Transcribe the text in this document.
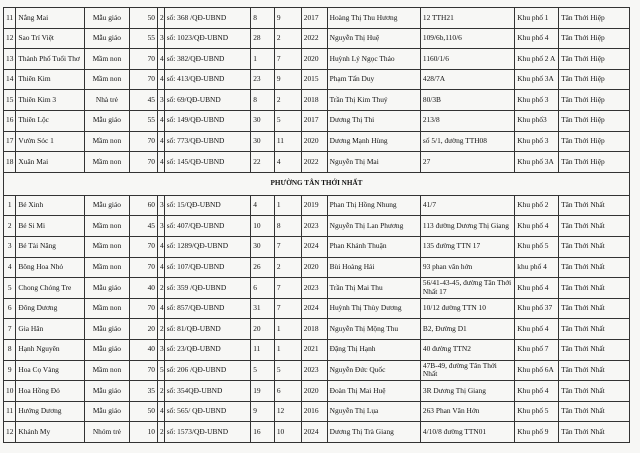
11	Nắng Mai	Mẫu giáo	50	2	số: 368 /QĐ-UBND	8	9	2017	Hoàng Thị Thu Hương	12 TTH21	Khu phố 1	Tân Thới Hiệp
12	Sao Trí Việt	Mẫu giáo	55	3	số: 1023/QĐ-UBND	28	2	2022	Nguyễn Thị Huệ	109/6b,110/6	Khu phố 4	Tân Thới Hiệp
13	Thành Phố Tuổi Thơ	Mầm non	70	4	số: 382/QĐ-UBND	1	7	2020	Huỳnh Lý Ngọc Thảo	1160/1/6	Khu phố 2 A	Tân Thới Hiệp
14	Thiên Kim	Mầm non	70	4	số: 413/QĐ-UBND	23	9	2015	Phạm Tấn Duy	428/7A	Khu phố 3A	Tân Thới Hiệp
15	Thiên Kim 3	Nhà trẻ	45	3	số: 69/QĐ-UBND	8	2	2018	Trần Thị Kim Thuý	80/3B	Khu phố 3	Tân Thới Hiệp
16	Thiên Lộc	Mẫu giáo	55	4	số: 149/QĐ-UBND	30	5	2017	Dương Thị Thi	213/8	Khu phố3	Tân Thới Hiệp
17	Vườn Sóc 1	Mầm non	70	4	số: 773/QĐ-UBND	30	11	2020	Dương Mạnh Hùng	số 5/1, đường TTH08	Khu phố 3	Tân Thới Hiệp
18	Xuân Mai	Mầm non	70	4	số: 145/QĐ-UBND	22	4	2022	Nguyễn Thị Mai	27	Khu phố 3A	Tân Thới Hiệp
PHƯỜNG TÂN THỚI NHẤT												
1	Bé Xinh	Mẫu giáo	60	3	số: 15/QĐ-UBND	4	1	2019	Phan Thị Hồng Nhung	41/7	Khu phố 2	Tân Thới Nhất
2	Bé Si Mi	Mầm non	45	3	số: 407/QĐ-UBND	10	8	2023	Nguyễn Thị Lan Phương	113 đường Dương Thị Giang	Khu phố 4	Tân Thới Nhất
3	Bé Tài Năng	Mầm non	70	4	số: 1289/QĐ-UBND	30	7	2024	Phan Khánh Thuận	135 đường TTN 17	Khu phố 5	Tân Thới Nhất
4	Bông Hoa Nhỏ	Mầm non	70	4	số: 107/QĐ-UBND	26	2	2020	Bùi Hoàng Hải	93 phan văn hớn	khu phố 4	Tân Thới Nhất
5	Chong Chóng Tre	Mẫu giáo	40	2	số: 359 /QĐ-UBND	6	7	2023	Trần Thị Mai Thu	56/41-43-45, đường Tân Thới Nhất 17	Khu phố 4	Tân Thới Nhất
6	Đông Dương	Mầm non	70	4	số: 857/QĐ-UBND	31	7	2024	Huỳnh Thị Thùy Dương	10/12 đường TTN 10	Khu phố 37	Tân Thới Nhất
7	Gia Hân	Mẫu giáo	20	2	số: 81/QĐ-UBND	20	1	2018	Nguyễn Thị Mộng Thu	B2, Đường D1	Khu phố 4	Tân Thới Nhất
8	Hạnh Nguyên	Mẫu giáo	40	3	số: 23/QĐ-UBND	11	1	2021	Đặng Thị Hạnh	40 đường TTN2	Khu phố 7	Tân Thới Nhất
9	Hoa Cọ Vàng	Mầm non	70	5	số: 206 /QĐ-UBND	5	5	2023	Nguyễn Đức Quốc	47B-49, đường Tân Thới Nhất	Khu phố 6A	Tân Thới Nhất
10	Hoa Hồng Đỏ	Mẫu giáo	35	2	số: 354QĐ-UBND	19	6	2020	Đoàn Thị Mai Huệ	3R Dương Thị Giang	Khu phố 4	Tân Thới Nhất
11	Hướng Dương	Mẫu giáo	50	4	số: 565/ QĐ-UBND	9	12	2016	Nguyễn Thị Lụa	263 Phan Văn Hớn	Khu phố 5	Tân Thới Nhất
12	Khánh My	Nhóm trẻ	10	2	số: 1573/QĐ-UBND	16	10	2024	Dương Thị Trà Giang	4/10/8 đường TTN01	Khu phố 9	Tân Thới Nhất
